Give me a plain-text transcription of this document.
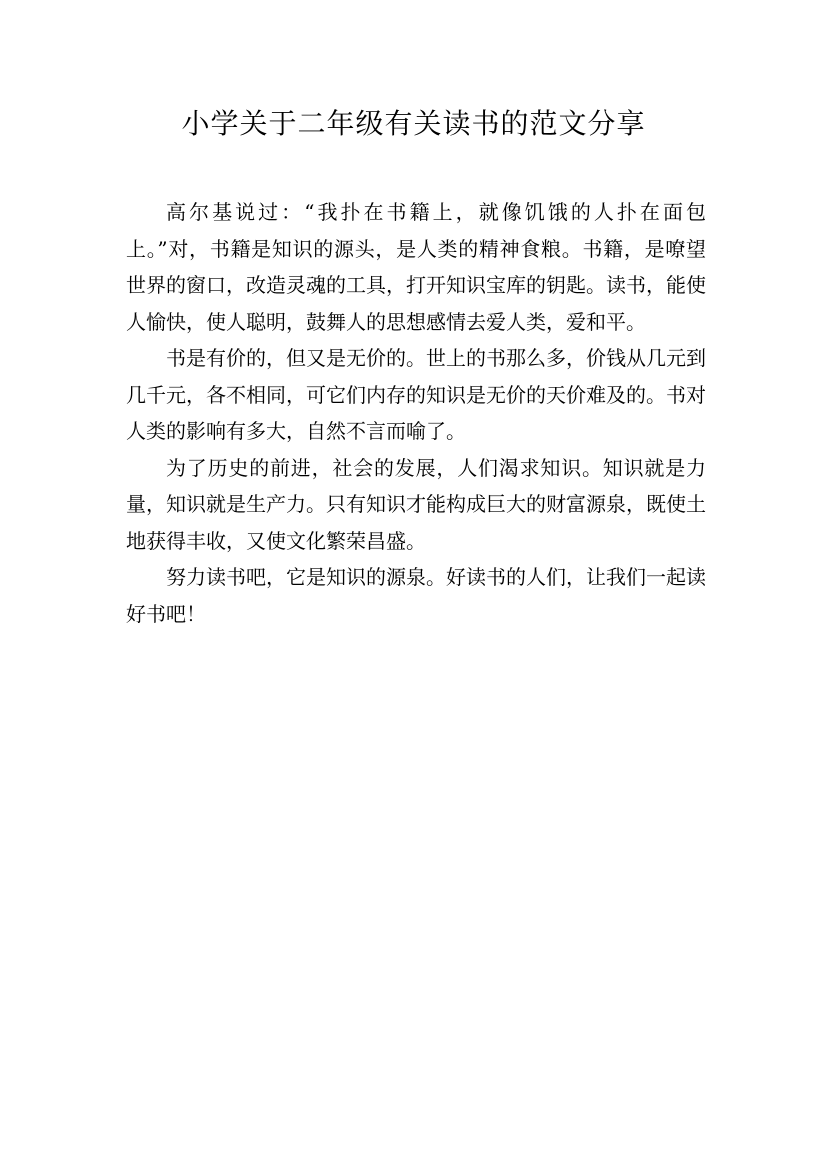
小学关于二年级有关读书的范文分享

高尔基说过：“我扑在书籍上，就像饥饿的人扑在面包上。”对，书籍是知识的源头，是人类的精神食粮。书籍，是嘹望世界的窗口，改造灵魂的工具，打开知识宝库的钥匙。读书，能使人愉快，使人聪明，鼓舞人的思想感情去爱人类，爱和平。

书是有价的，但又是无价的。世上的书那么多，价钱从几元到几千元，各不相同，可它们内存的知识是无价的天价难及的。书对人类的影响有多大，自然不言而喻了。

为了历史的前进，社会的发展，人们渴求知识。知识就是力量，知识就是生产力。只有知识才能构成巨大的财富源泉，既使土地获得丰收，又使文化繁荣昌盛。

努力读书吧，它是知识的源泉。好读书的人们，让我们一起读好书吧！
